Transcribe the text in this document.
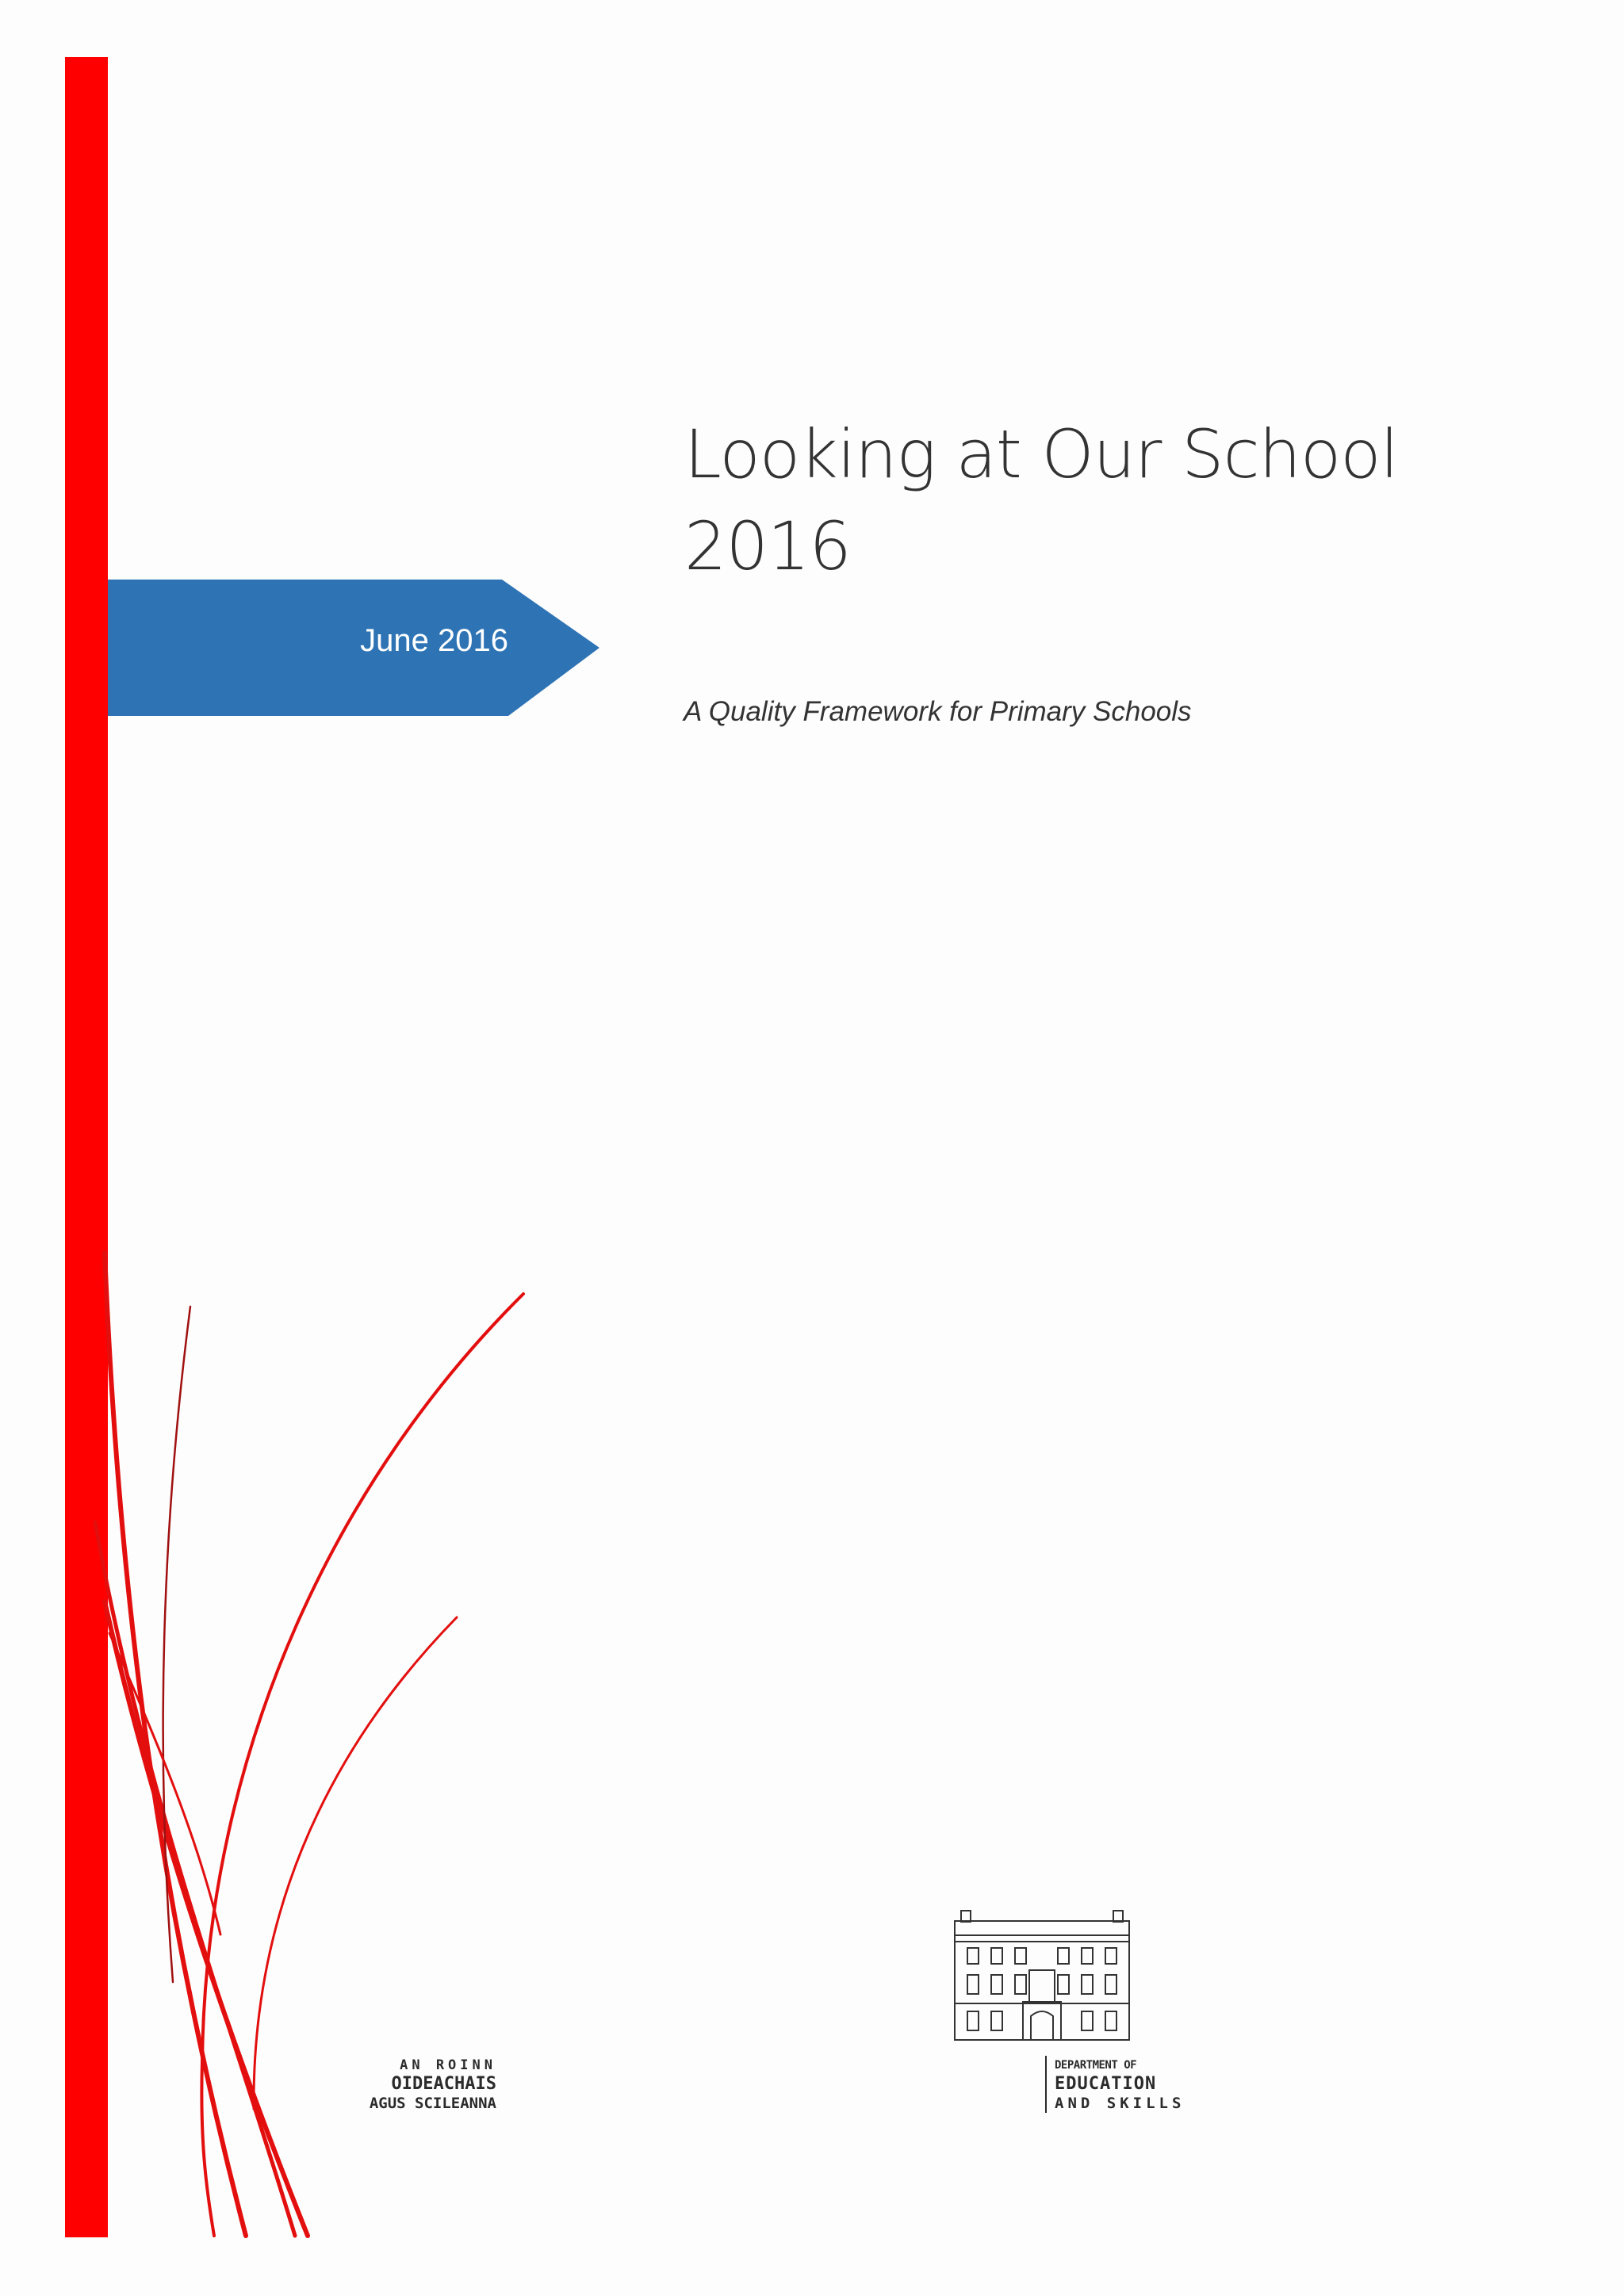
June 2016
Looking at Our School
2016
A Quality Framework for Primary Schools
AN ROINN
OIDEACHAIS
AGUS SCILEANNA
DEPARTMENT OF
EDUCATION
AND SKILLS
